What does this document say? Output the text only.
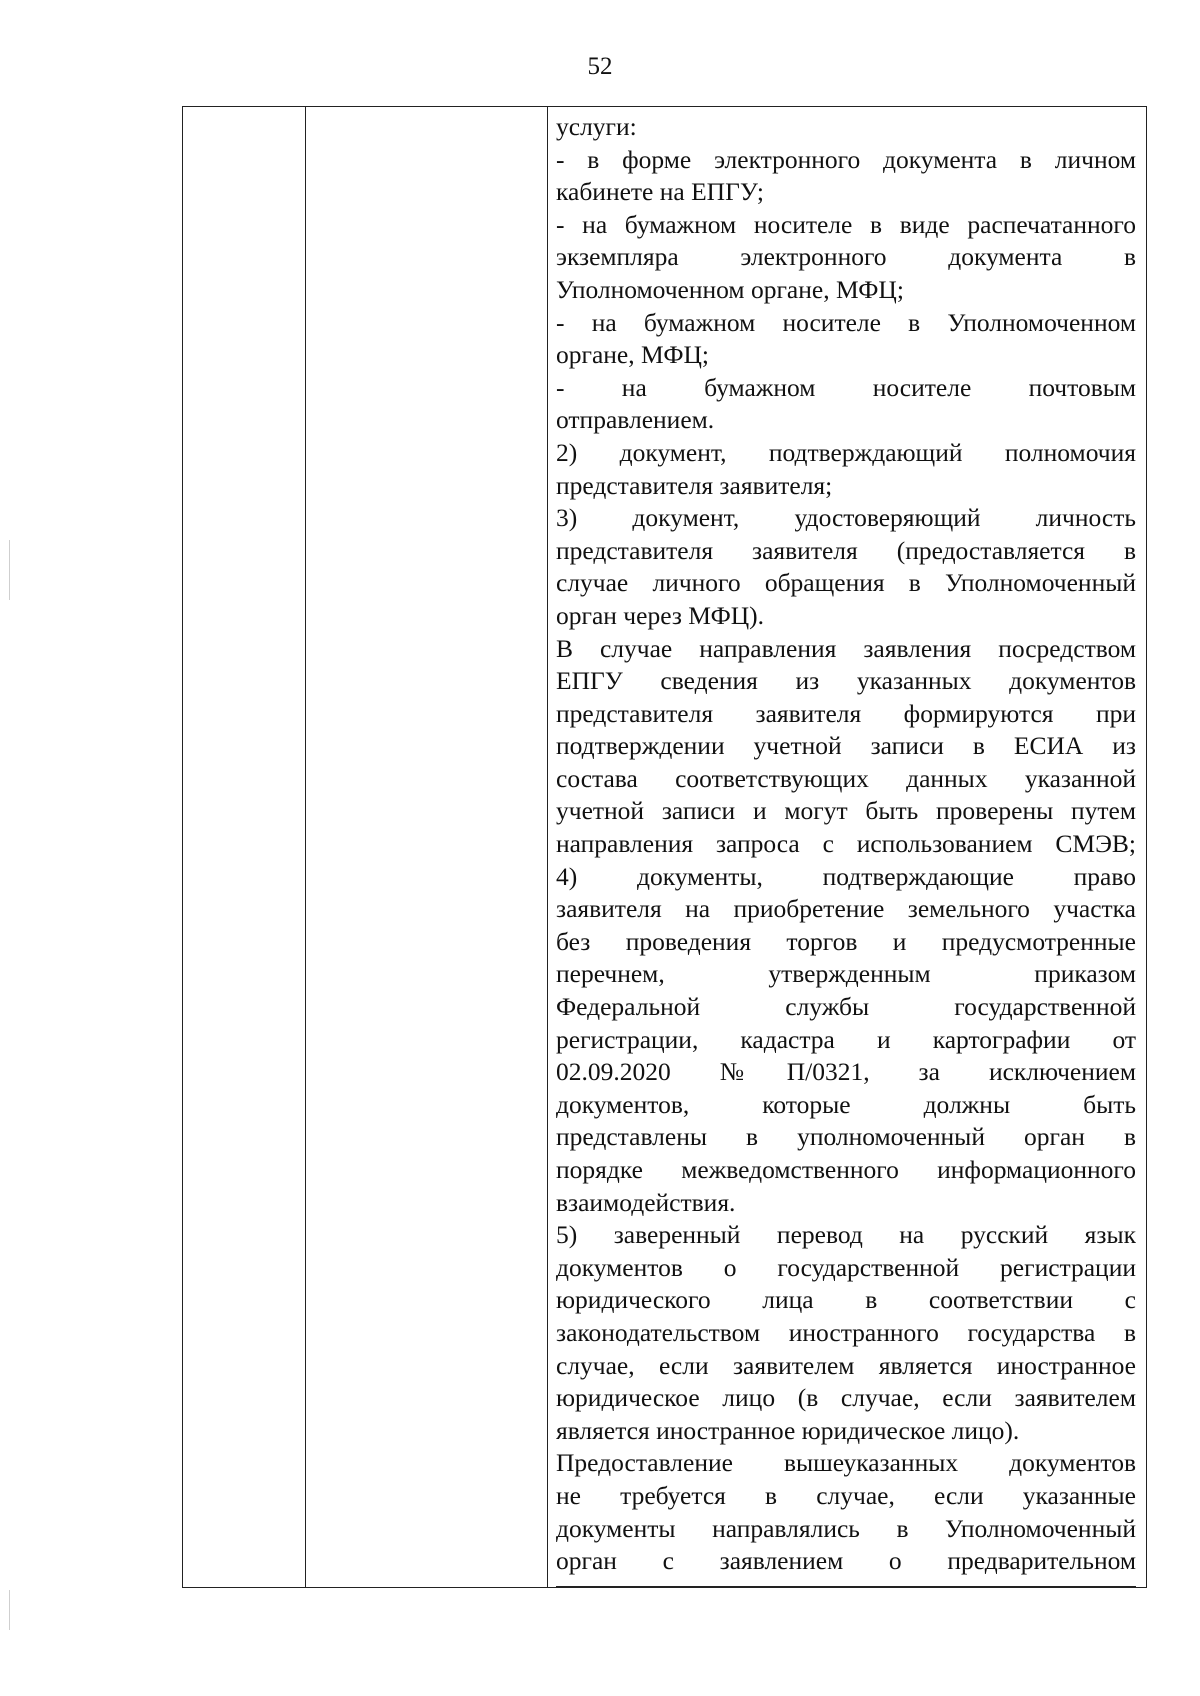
52
услуги:
- в форме электронного документа в личном
кабинете на ЕПГУ;
- на бумажном носителе в виде распечатанного
экземпляра электронного документа в
Уполномоченном органе, МФЦ;
- на бумажном носителе в Уполномоченном
органе, МФЦ;
- на бумажном носителе почтовым
отправлением.
2) документ, подтверждающий полномочия
представителя заявителя;
3) документ, удостоверяющий личность
представителя заявителя (предоставляется в
случае личного обращения в Уполномоченный
орган через МФЦ).
В случае направления заявления посредством
ЕПГУ сведения из указанных документов
представителя заявителя формируются при
подтверждении учетной записи в ЕСИА из
состава соответствующих данных указанной
учетной записи и могут быть проверены путем
направления запроса с использованием СМЭВ;
4) документы, подтверждающие право
заявителя на приобретение земельного участка
без проведения торгов и предусмотренные
перечнем, утвержденным приказом
Федеральной службы государственной
регистрации, кадастра и картографии от
02.09.2020 №П/0321, за исключением
документов, которые должны быть
представлены в уполномоченный орган в
порядке межведомственного информационного
взаимодействия.
5) заверенный перевод на русский язык
документов о государственной регистрации
юридического лица в соответствии с
законодательством иностранного государства в
случае, если заявителем является иностранное
юридическое лицо (в случае, если заявителем
является иностранное юридическое лицо).
Предоставление вышеуказанных документов
не требуется в случае, если указанные
документы направлялись в Уполномоченный
орган с заявлением о предварительном
